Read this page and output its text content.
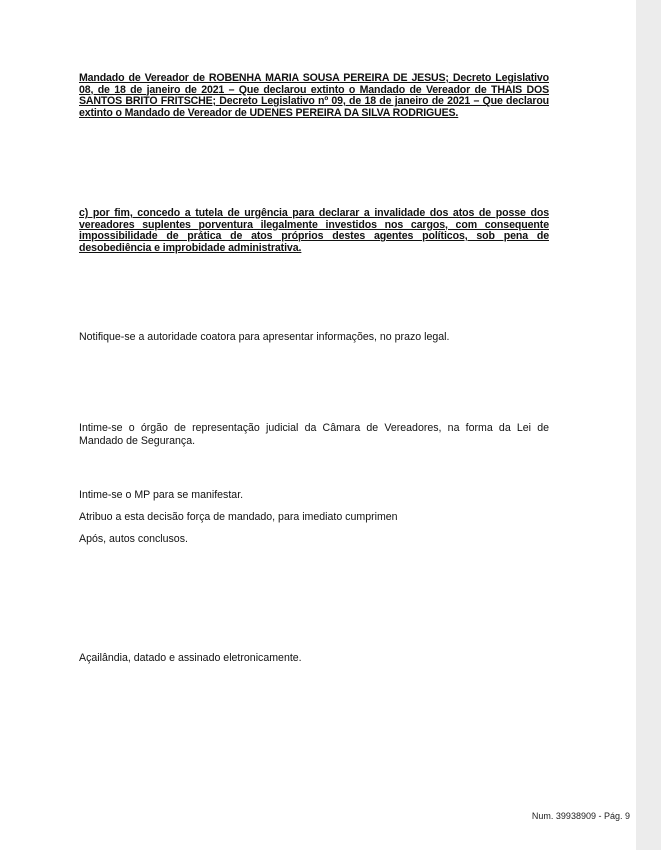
Mandado de Vereador de ROBENHA MARIA SOUSA PEREIRA DE JESUS; Decreto Legislativo 08, de 18 de janeiro de 2021 – Que declarou extinto o Mandado de Vereador de THAIS DOS SANTOS BRITO FRITSCHE; Decreto Legislativo nº 09, de 18 de janeiro de 2021 – Que declarou extinto o Mandado de Vereador de UDENES PEREIRA DA SILVA RODRIGUES.
c) por fim, concedo a tutela de urgência para declarar a invalidade dos atos de posse dos vereadores suplentes porventura ilegalmente investidos nos cargos, com consequente impossibilidade de prática de atos próprios destes agentes políticos, sob pena de desobediência e improbidade administrativa.
Notifique-se a autoridade coatora para apresentar informações, no prazo legal.
Intime-se o órgão de representação judicial da Câmara de Vereadores, na forma da Lei de Mandado de Segurança.
Intime-se o MP para se manifestar.
Atribuo a esta decisão força de mandado, para imediato cumprimen
Após, autos conclusos.
Açailândia, datado e assinado eletronicamente.
Num. 39938909 - Pág. 9
